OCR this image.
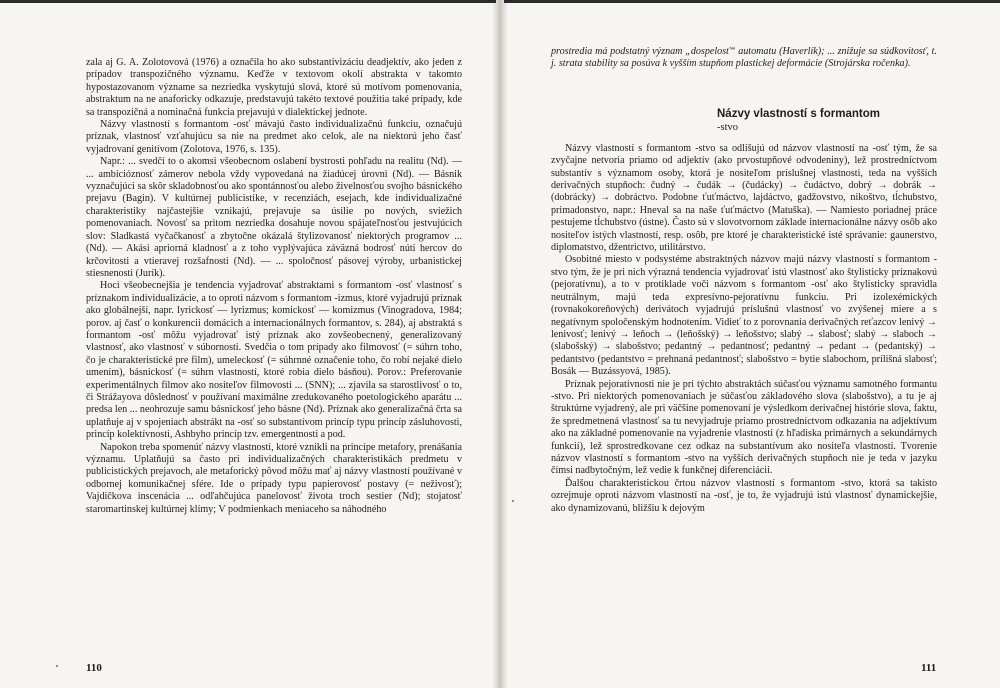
zala aj G. A. Zolotovová (1976) a označila ho ako substantivizáciu deadjektív, ako jeden z prípadov transpozičného významu. Keďže v textovom okolí abstrakta v takomto hypostazovanom význame sa nezriedka vyskytujú slová, ktoré sú motívom pomenovania, abstraktum na ne anaforicky odkazuje, predstavujú takéto textové použitia také prípady, kde sa transpozičná a nominačná funkcia prejavujú v dialektickej jednote.

Názvy vlastností s formantom -osť mávajú často individualizačnú funkciu, označujú príznak, vlastnosť vzťahujúcu sa nie na predmet ako celok, ale na niektorú jeho časť vyjadrovaní genitívom (Zolotova, 1976, s. 135).

Napr.: ... svedčí to o akomsi všeobecnom oslabení bystrosti pohľadu na realitu (Nd). — ... ambicióznosť zámerov nebola vždy vypovedaná na žiadúcej úrovni (Nd). — Básnik vyznačujúci sa skôr skladobnosťou ako spontánnosťou alebo živelnosťou svojho básnického prejavu (Bagin). V kultúrnej publicistike, v recenziách, esejach, kde individualizačné charakteristiky najčastejšie vznikajú, prejavuje sa úsilie po nových, sviežich pomenovaniach. Novosť sa pritom nezriedka dosahuje novou spájateľnosťou jestvujúcich slov: Sladkastá vyčačkanosť a zbytočne okázalá štylizovanosť niektorých programov ... (Nd). — Akási apriorná kladnosť a z toho vyplývajúca záväzná bodrosť nútí hercov do krčovitosti a vtieravej rozšafnosti (Nd). — ... spoločnosť pásovej výroby, urbanistickej stiesnenosti (Jurík).

Hoci všeobecnejšia je tendencia vyjadrovať abstraktami s formantom -osť vlastnosť s príznakom individualizácie, a to oproti názvom s formantom -izmus, ktoré vyjadrujú príznak ako globálnejší, napr. lyrickosť — lyrizmus; komickosť — komizmus (Vinogradova, 1984; porov. aj časť o konkurencii domácich a internacionálnych formantov, s. 284), aj abstraktá s formantom -osť môžu vyjadrovať istý príznak ako zovšeobecnený, generalizovaný vlastnosť, ako vlastnosť v súbornosti. Svedčia o tom prípady ako filmovosť (= súhrn toho, čo je charakteristické pre film), umeleckosť (= súhrnné označenie toho, čo robí nejaké dielo umením), básnickosť (= súhrn vlastností, ktoré robia dielo básňou). Porov.: Preferovanie experimentálnych filmov ako nositeľov filmovosti ... (SNN); ... zjavila sa starostlivosť o to, či Strážayova dôslednosť v používaní maximálne zredukovaného poetologického aparátu ... predsa len ... neohrozuje samu básnickosť jeho básne (Nd). Príznak ako generalizačná črta sa uplatňuje aj v spojeniach abstrákt na -osť so substantívom princíp typu princíp zásluhovosti, princíp kolektívnosti, Ashbyho princíp tzv. emergentnosti a pod.

Napokon treba spomenúť názvy vlastností, ktoré vznikli na princípe metafory, prenášania významu. Uplatňujú sa často pri individualizačných charakteristikách predmetu v publicistických prejavoch, ale metaforický pôvod môžu mať aj názvy vlastností používané v odbornej komunikačnej sfére. Ide o prípady typu papierovosť postavy (= neživosť); Vajdičkova inscenácia ... odľahčujúca panelovosť života troch sestier (Nd); stojatosť staromartinskej kultúrnej klímy; V podmienkach meniaceho sa náhodného

110

prostredia má podstatný význam „dospelosť“ automatu (Haverlík); ... znižuje sa súdkovitosť, t. j. strata stability sa posúva k vyšším stupňom plastickej deformácie (Strojárska ročenka).

Názvy vlastností s formantom
-stvo

Názvy vlastností s formantom -stvo sa odlišujú od názvov vlastností na -osť tým, že sa zvyčajne netvoria priamo od adjektív (ako prvostupňové odvodeniny), lež prostredníctvom substantív s významom osoby, ktorá je nositeľom príslušnej vlastnosti, teda na vyšších derivačných stupňoch: čudný → čudák → (čudácky) → čudáctvo, dobrý → dobrák → (dobrácky) → dobráctvo. Podobne ťuťmáctvo, lajdáctvo, gadžovstvo, nikoštvo, tĺchubstvo, primadonstvo, napr.: Hneval sa na naše ťuťmáctvo (Matuška). — Namiesto poriadnej práce pestujeme tĺchubstvo (ústne). Často sú v slovotvornom základe internacionálne názvy osôb ako nositeľov istých vlastností, resp. osôb, pre ktoré je charakteristické isté správanie: gaunerstvo, diplomatstvo, džentrictvo, utilitárstvo.

Osobitné miesto v podsystéme abstraktných názvov majú názvy vlastností s formantom -stvo tým, že je pri nich výrazná tendencia vyjadrovať istú vlastnosť ako štylisticky príznakovú (pejoratívnu), a to v protiklade voči názvom s formantom -osť ako štylisticky spravidla neutrálnym, majú teda expresívno-pejoratívnu funkciu. Pri izolexémických (rovnakokoreňových) derivátoch vyjadrujú príslušnú vlastnosť vo zvýšenej miere a s negatívnym spoločenským hodnotením. Vidieť to z porovnania derivačných reťazcov lenivý → lenivosť; lenivý → leňoch → (leňošský) → leňošstvo; slabý → slabosť; slabý → slaboch → (slabošský) → slabošstvo; pedantný → pedantnosť; pedantný → pedant → (pedantský) → pedantstvo (pedantstvo = prehnaná pedantnosť; slabošstvo = bytie slabochom, prílišná slabosť; Bosák — Buzássyová, 1985).

Príznak pejoratívnosti nie je pri týchto abstraktách súčasťou významu samotného formantu -stvo. Pri niektorých pomenovaniach je súčasťou základového slova (slabošstvo), a tu je aj štruktúrne vyjadrený, ale pri väčšine pomenovaní je výsledkom derivačnej histórie slova, faktu, že spredmetnená vlastnosť sa tu nevyjadruje priamo prostredníctvom odkazania na adjektívum ako na základné pomenovanie na vyjadrenie vlastnosti (z hľadiska primárnych a sekundárnych funkcií), lež sprostredkovane cez odkaz na substantívum ako nositeľa vlastnosti. Tvorenie názvov vlastností s formantom -stvo na vyšších derivačných stupňoch nie je teda v jazyku čímsi nadbytočným, lež vedie k funkčnej diferenciácii.

Ďalšou charakteristickou črtou názvov vlastností s formantom -stvo, ktorá sa takisto ozrejmuje oproti názvom vlastností na -osť, je to, že vyjadrujú istú vlastnosť dynamickejšie, ako dynamizovanú, bližšiu k dejovým

111
